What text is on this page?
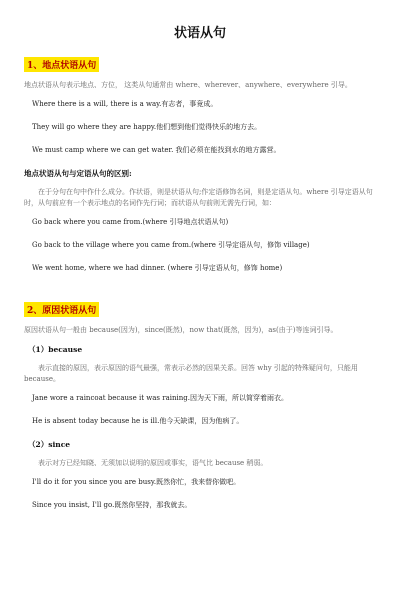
状语从句
1、地点状语从句
地点状语从句表示地点、方位， 这类从句通常由 where、wherever、anywhere、everywhere 引导。
Where there is a will, there is a way.有志者，事竟成。
They will go where they are happy.他们想到他们觉得快乐的地方去。
We must camp where we can get water. 我们必须在能找到水的地方露营。
地点状语从句与定语从句的区别:
在于分句在句中作什么成分。作状语，则是状语从句;作定语修饰名词，则是定语从句。where 引导定语从句时，从句前应有一个表示地点的名词作先行词；而状语从句前则无需先行词，如：
Go back where you came from.(where 引导地点状语从句)
Go back to the village where you came from.(where 引导定语从句，修饰 village)
We went home, where we had dinner. (where 引导定语从句，修饰 home)
2、原因状语从句
原因状语从句一般由 because(因为)，since(既然)，now that(既然，因为)，as(由于)等连词引导。
（1）because
表示直接的原因，表示原因的语气最强，常表示必然的因果关系。回答 why 引起的特殊疑问句，只能用 because。
Jane wore a raincoat because it was raining.因为天下雨，所以简穿着雨衣。
He is absent today because he is ill.他今天缺课，因为他病了。
（2）since
表示对方已经知晓、无须加以说明的原因或事实，语气比 because 稍弱。
I'll do it for you since you are busy.既然你忙，我来替你做吧。
Since you insist, I'll go.既然你坚持，那我就去。
